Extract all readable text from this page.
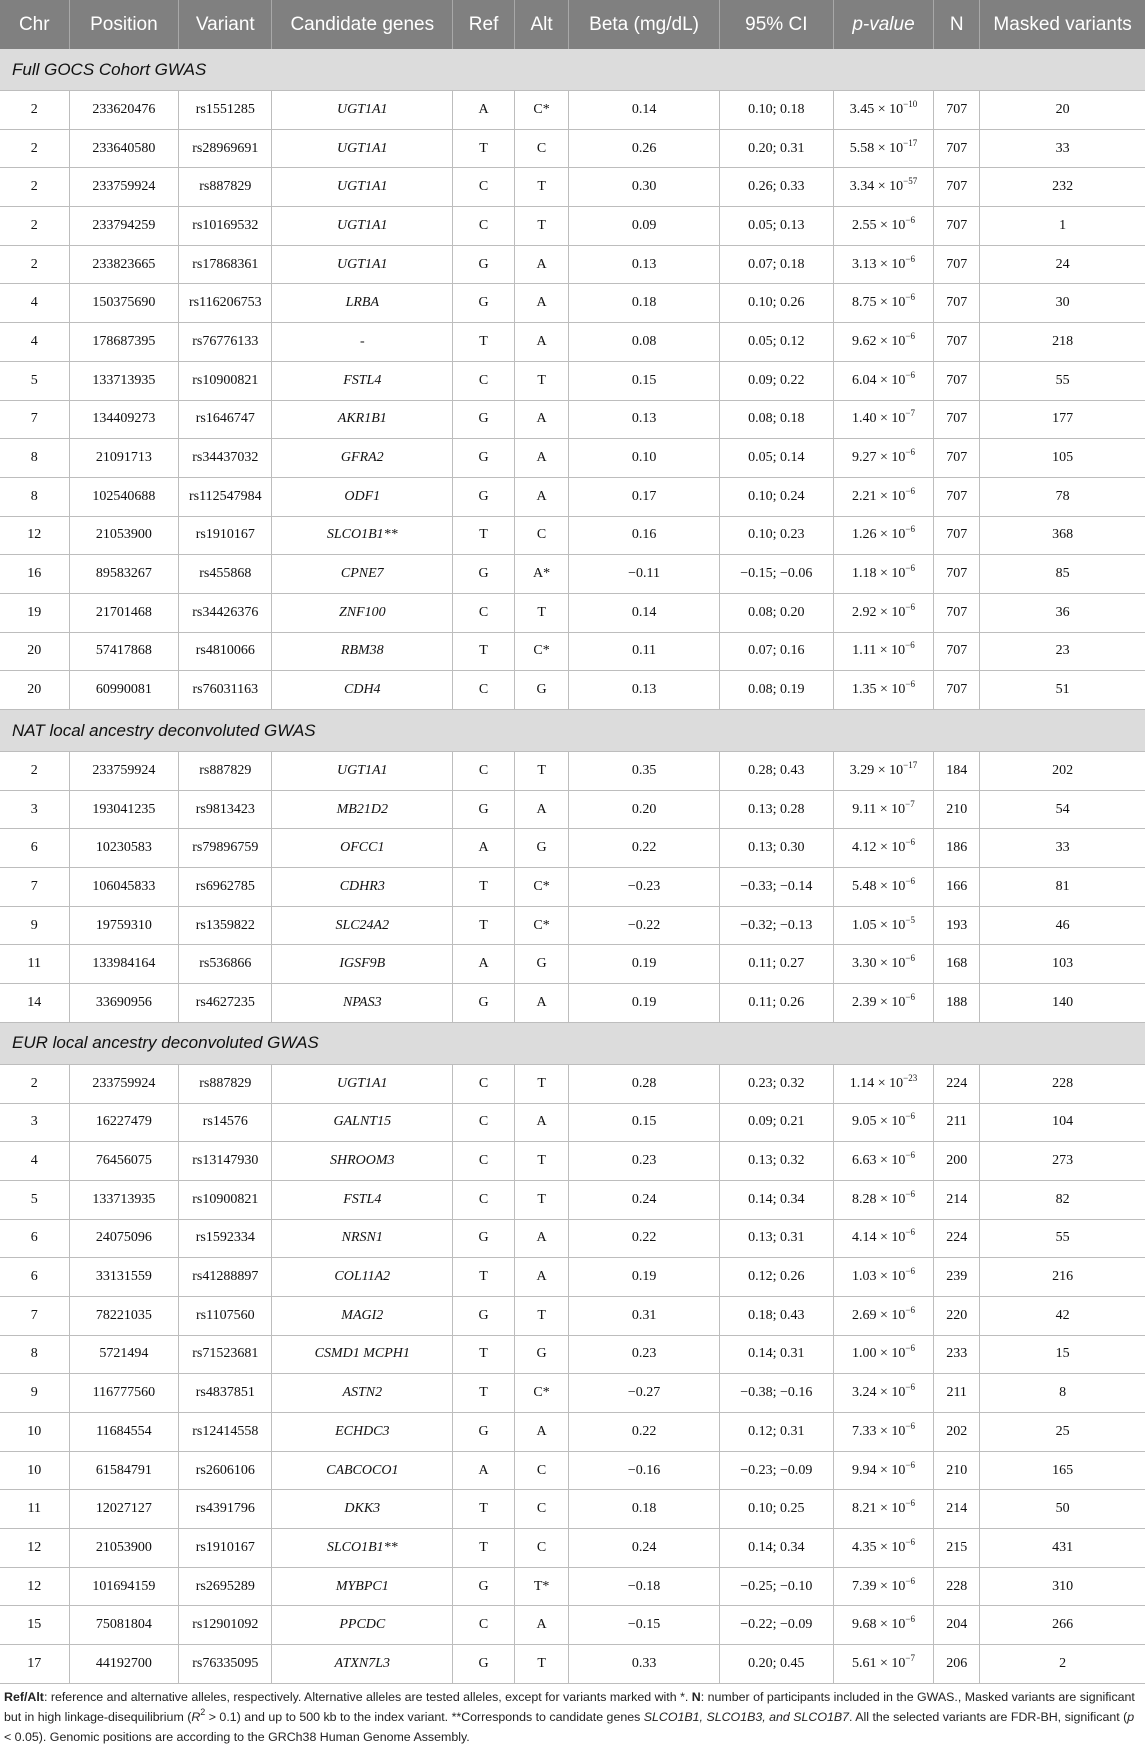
Chr	Position	Variant	Candidate genes	Ref	Alt	Beta (mg/dL)	95% CI	p-value	N	Masked variants
Full GOCS Cohort GWAS										
2	233620476	rs1551285	UGT1A1	A	C*	0.14	0.10; 0.18	$3.45 \times 10^{-10}$	707	20
2	233640580	rs28969691	UGT1A1	T	C	0.26	0.20; 0.31	$5.58 \times 10^{-17}$	707	33
2	233759924	rs887829	UGT1A1	C	T	0.30	0.26; 0.33	$3.34 \times 10^{-57}$	707	232
2	233794259	rs10169532	UGT1A1	C	T	0.09	0.05; 0.13	$2.55 \times 10^{-6}$	707	1
2	233823665	rs17868361	UGT1A1	G	A	0.13	0.07; 0.18	$3.13 \times 10^{-6}$	707	24
4	150375690	rs116206753	LRBA	G	A	0.18	0.10; 0.26	$8.75 \times 10^{-6}$	707	30
4	178687395	rs76776133	-	T	A	0.08	0.05; 0.12	$9.62 \times 10^{-6}$	707	218
5	133713935	rs10900821	FSTL4	C	T	0.15	0.09; 0.22	$6.04 \times 10^{-6}$	707	55
7	134409273	rs1646747	AKR1B1	G	A	0.13	0.08; 0.18	$1.40 \times 10^{-7}$	707	177
8	21091713	rs34437032	GFRA2	G	A	0.10	0.05; 0.14	$9.27 \times 10^{-6}$	707	105
8	102540688	rs112547984	ODF1	G	A	0.17	0.10; 0.24	$2.21 \times 10^{-6}$	707	78
12	21053900	rs1910167	SLCO1B1**	T	C	0.16	0.10; 0.23	$1.26 \times 10^{-6}$	707	368
16	89583267	rs455868	CPNE7	G	A*	−0.11	−0.15; −0.06	$1.18 \times 10^{-6}$	707	85
19	21701468	rs34426376	ZNF100	C	T	0.14	0.08; 0.20	$2.92 \times 10^{-6}$	707	36
20	57417868	rs4810066	RBM38	T	C*	0.11	0.07; 0.16	$1.11 \times 10^{-6}$	707	23
20	60990081	rs76031163	CDH4	C	G	0.13	0.08; 0.19	$1.35 \times 10^{-6}$	707	51
NAT local ancestry deconvoluted GWAS										
2	233759924	rs887829	UGT1A1	C	T	0.35	0.28; 0.43	$3.29 \times 10^{-17}$	184	202
3	193041235	rs9813423	MB21D2	G	A	0.20	0.13; 0.28	$9.11 \times 10^{-7}$	210	54
6	10230583	rs79896759	OFCC1	A	G	0.22	0.13; 0.30	$4.12 \times 10^{-6}$	186	33
7	106045833	rs6962785	CDHR3	T	C*	−0.23	−0.33; −0.14	$5.48 \times 10^{-6}$	166	81
9	19759310	rs1359822	SLC24A2	T	C*	−0.22	−0.32; −0.13	$1.05 \times 10^{-5}$	193	46
11	133984164	rs536866	IGSF9B	A	G	0.19	0.11; 0.27	$3.30 \times 10^{-6}$	168	103
14	33690956	rs4627235	NPAS3	G	A	0.19	0.11; 0.26	$2.39 \times 10^{-6}$	188	140
EUR local ancestry deconvoluted GWAS										
2	233759924	rs887829	UGT1A1	C	T	0.28	0.23; 0.32	$1.14 \times 10^{-23}$	224	228
3	16227479	rs14576	GALNT15	C	A	0.15	0.09; 0.21	$9.05 \times 10^{-6}$	211	104
4	76456075	rs13147930	SHROOM3	C	T	0.23	0.13; 0.32	$6.63 \times 10^{-6}$	200	273
5	133713935	rs10900821	FSTL4	C	T	0.24	0.14; 0.34	$8.28 \times 10^{-6}$	214	82
6	24075096	rs1592334	NRSN1	G	A	0.22	0.13; 0.31	$4.14 \times 10^{-6}$	224	55
6	33131559	rs41288897	COL11A2	T	A	0.19	0.12; 0.26	$1.03 \times 10^{-6}$	239	216
7	78221035	rs1107560	MAGI2	G	T	0.31	0.18; 0.43	$2.69 \times 10^{-6}$	220	42
8	5721494	rs71523681	CSMD1 MCPH1	T	G	0.23	0.14; 0.31	$1.00 \times 10^{-6}$	233	15
9	116777560	rs4837851	ASTN2	T	C*	−0.27	−0.38; −0.16	$3.24 \times 10^{-6}$	211	8
10	11684554	rs12414558	ECHDC3	G	A	0.22	0.12; 0.31	$7.33 \times 10^{-6}$	202	25
10	61584791	rs2606106	CABCOCO1	A	C	−0.16	−0.23; −0.09	$9.94 \times 10^{-6}$	210	165
11	12027127	rs4391796	DKK3	T	C	0.18	0.10; 0.25	$8.21 \times 10^{-6}$	214	50
12	21053900	rs1910167	SLCO1B1**	T	C	0.24	0.14; 0.34	$4.35 \times 10^{-6}$	215	431
12	101694159	rs2695289	MYBPC1	G	T*	−0.18	−0.25; −0.10	$7.39 \times 10^{-6}$	228	310
15	75081804	rs12901092	PPCDC	C	A	−0.15	−0.22; −0.09	$9.68 \times 10^{-6}$	204	266
17	44192700	rs76335095	ATXN7L3	G	T	0.33	0.20; 0.45	$5.61 \times 10^{-7}$	206	2
Ref/Alt: reference and alternative alleles, respectively. Alternative alleles are tested alleles, except for variants marked with *. N: number of participants included in the GWAS., Masked variants are significant but in high linkage-disequilibrium $(R^2 > 0.1)$ and up to 500 kb to the index variant. **Corresponds to candidate genes SLCO1B1, SLCO1B3, and SLCO1B7. All the selected variants are FDR-BH, significant (p < 0.05). Genomic positions are according to the GRCh38 Human Genome Assembly.
